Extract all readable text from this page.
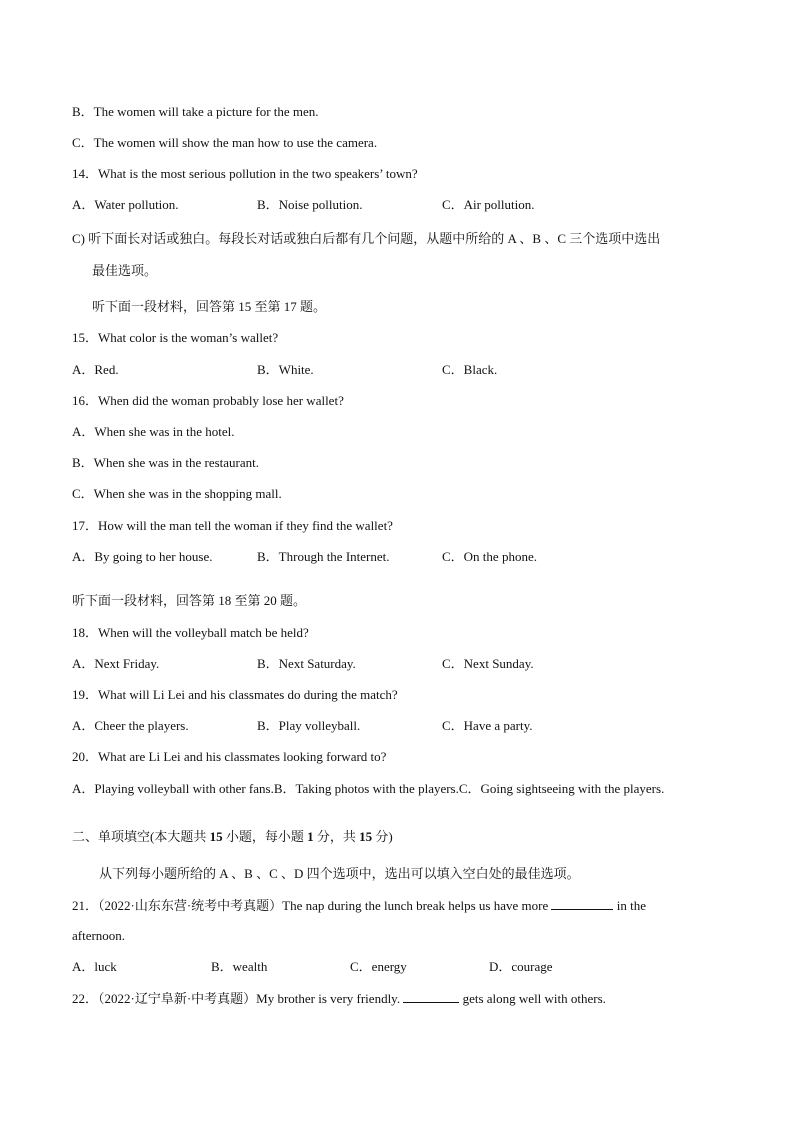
B．The women will take a picture for the men.
C．The women will show the man how to use the camera.
14．What is the most serious pollution in the two speakers’ town?
A．Water pollution.	B．Noise pollution.	C．Air pollution.
C) 听下面长对话或独白。每段长对话或独白后都有几个问题，从题中所给的 A 、B 、C 三个选项中选出
最佳选项。
听下面一段材料，回答第 15 至第 17 题。
15．What color is the woman’s wallet?
A．Red.	B．White.	C．Black.
16．When did the woman probably lose her wallet?
A．When she was in the hotel.
B．When she was in the restaurant.
C．When she was in the shopping mall.
17．How will the man tell the woman if they find the wallet?
A．By going to her house.	B．Through the Internet.	C．On the phone.
听下面一段材料，回答第 18 至第 20 题。
18．When will the volleyball match be held?
A．Next Friday.	B．Next Saturday.	C．Next Sunday.
19．What will Li Lei and his classmates do during the match?
A．Cheer the players.	B．Play volleyball.	C．Have a party.
20．What are Li Lei and his classmates looking forward to?
A．Playing volleyball with other fans.B．Taking photos with the players.C．Going sightseeing with the players.
二、单项填空(本大题共 15 小题，每小题 1 分，共 15 分)
从下列每小题所给的 A 、B 、C 、D 四个选项中，选出可以填入空白处的最佳选项。
21．（2022·山东东营·统考中考真题）The nap during the lunch break helps us have more	in the
afternoon.
A．luck	B．wealth	C．energy	D．courage
22．（2022·辽宁阜新·中考真题）My brother is very friendly.	gets along well with others.
